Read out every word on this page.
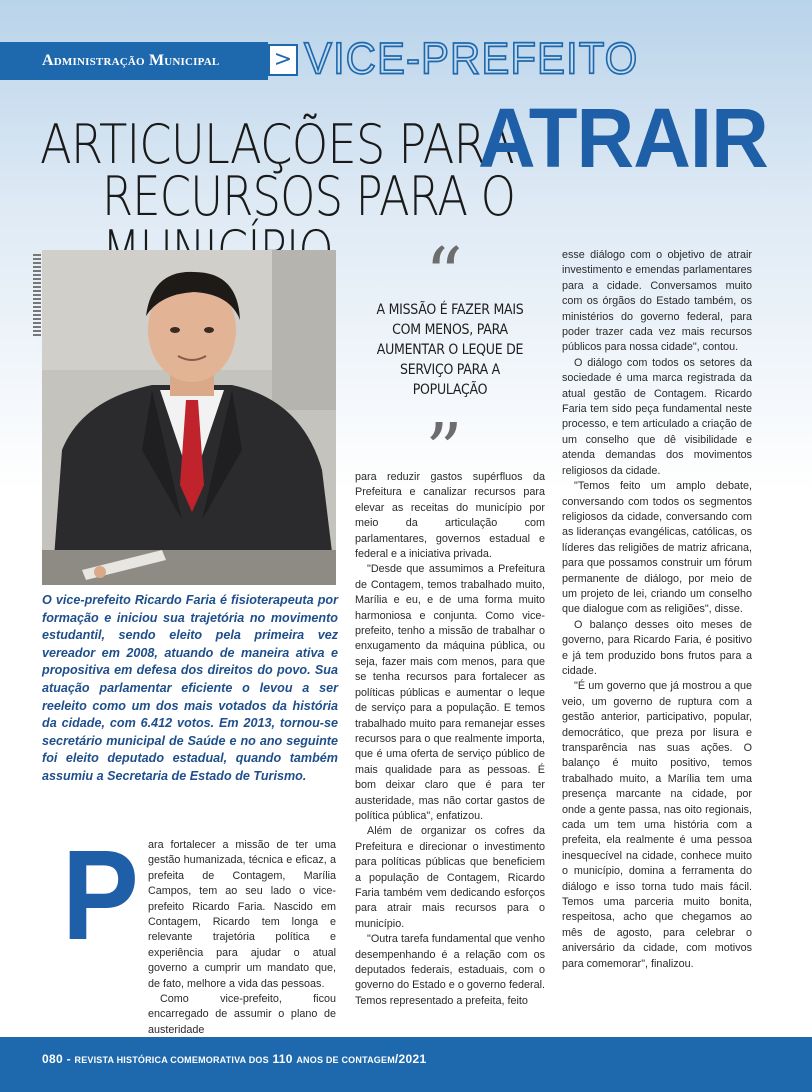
Administração Municipal > VICE-PREFEITO
ARTICULAÇÕES PARA
ATRAIR
RECURSOS PARA O

O vice-prefeito Ricardo Faria é fisioterapeuta por formação e iniciou sua trajetória no movimento estudantil, sendo eleito pela primeira vez vereador em 2008, atuando de maneira ativa e propositiva em defesa dos direitos do povo. Sua atuação parlamentar eficiente o levou a ser reeleito como um dos mais votados da história da cidade, com 6.412 votos. Em 2013, tornou-se secretário municipal de Saúde e no ano seguinte foi eleito deputado estadual, quando também assumiu a Secretaria de Estado de Turismo.

“
A MISSÃO É FAZER MAIS COM MENOS, PARA AUMENTAR O LEQUE DE SERVIÇO PARA A POPULAÇÃO
”
P ara fortalecer a missão de ter uma gestão humanizada, técnica e eficaz, a prefeita de Contagem, Marília Campos, tem ao seu lado o vice-prefeito Ricardo Faria. Nascido em Contagem, Ricardo tem longa e relevante trajetória política e experiência para ajudar o atual governo a cumprir um mandato que, de fato, melhore a vida das pessoas.

Como vice-prefeito, ficou encarregado de assumir o plano de austeridade

para reduzir gastos supérfluos da Prefeitura e canalizar recursos para elevar as receitas do município por meio da articulação com parlamentares, governos estadual e federal e a iniciativa privada.

"Desde que assumimos a Prefeitura de Contagem, temos trabalhado muito, Marília e eu, e de uma forma muito harmoniosa e conjunta. Como vice-prefeito, tenho a missão de trabalhar o enxugamento da máquina pública, ou seja, fazer mais com menos, para que se tenha recursos para fortalecer as políticas públicas e aumentar o leque de serviço para a população. E temos trabalhado muito para remanejar esses recursos para o que realmente importa, que é uma oferta de serviço público de mais qualidade para as pessoas. É bom deixar claro que é para ter austeridade, mas não cortar gastos de política pública", enfatizou.

Além de organizar os cofres da Prefeitura e direcionar o investimento para políticas públicas que beneficiem a população de Contagem, Ricardo Faria também vem dedicando esforços para atrair mais recursos para o município.

"Outra tarefa fundamental que venho desempenhando é a relação com os deputados federais, estaduais, com o governo do Estado e o governo federal. Temos representado a prefeita, feito

esse diálogo com o objetivo de atrair investimento e emendas parlamentares para a cidade. Conversamos muito com os órgãos do Estado também, os ministérios do governo federal, para poder trazer cada vez mais recursos públicos para nossa cidade", contou.

O diálogo com todos os setores da sociedade é uma marca registrada da atual gestão de Contagem. Ricardo Faria tem sido peça fundamental neste processo, e tem articulado a criação de um conselho que dê visibilidade e atenda demandas dos movimentos religiosos da cidade.

"Temos feito um amplo debate, conversando com todos os segmentos religiosos da cidade, conversando com as lideranças evangélicas, católicas, os líderes das religiões de matriz africana, para que possamos construir um fórum permanente de diálogo, por meio de um projeto de lei, criando um conselho que dialogue com as religiões", disse.

O balanço desses oito meses de governo, para Ricardo Faria, é positivo e já tem produzido bons frutos para a cidade.

"É um governo que já mostrou a que veio, um governo de ruptura com a gestão anterior, participativo, popular, democrático, que preza por lisura e transparência nas suas ações. O balanço é muito positivo, temos trabalhado muito, a Marília tem uma presença marcante na cidade, por onde a gente passa, nas oito regionais, cada um tem uma história com a prefeita, ela realmente é uma pessoa inesquecível na cidade, conhece muito o município, domina a ferramenta do diálogo e isso torna tudo mais fácil. Temos uma parceria muito bonita, respeitosa, acho que chegamos ao mês de agosto, para celebrar o aniversário da cidade, com motivos para comemorar", finalizou.

080 - REVISTA HISTÓRICA COMEMORATIVA DOS 110 ANOS DE CONTAGEM/2021
